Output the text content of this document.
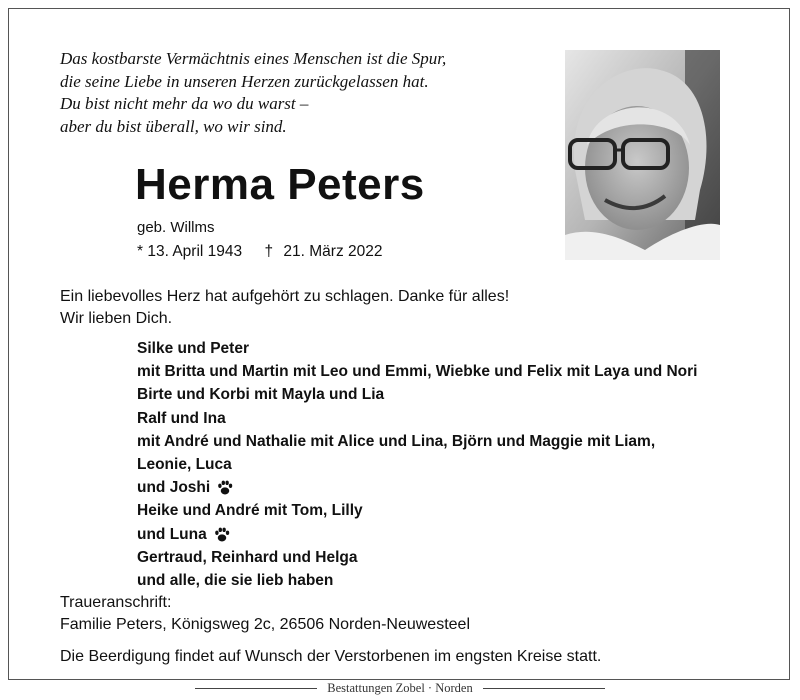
Das kostbarste Vermächtnis eines Menschen ist die Spur,
die seine Liebe in unseren Herzen zurückgelassen hat.
Du bist nicht mehr da wo du warst –
aber du bist überall, wo wir sind.
Herma Peters
geb. Willms
* 13. April 1943 † 21. März 2022
Ein liebevolles Herz hat aufgehört zu schlagen. Danke für alles!
Wir lieben Dich.
Silke und Peter
mit Britta und Martin mit Leo und Emmi, Wiebke und Felix mit Laya und Nori
Birte und Korbi mit Mayla und Lia
Ralf und Ina
mit André und Nathalie mit Alice und Lina, Björn und Maggie mit Liam,
Leonie, Luca
und Joshi
Heike und André mit Tom, Lilly
und Luna
Gertraud, Reinhard und Helga
und alle, die sie lieb haben
Traueranschrift:
Familie Peters, Königsweg 2c, 26506 Norden-Neuwesteel
Die Beerdigung findet auf Wunsch der Verstorbenen im engsten Kreise statt.
Bestattungen Zobel · Norden
